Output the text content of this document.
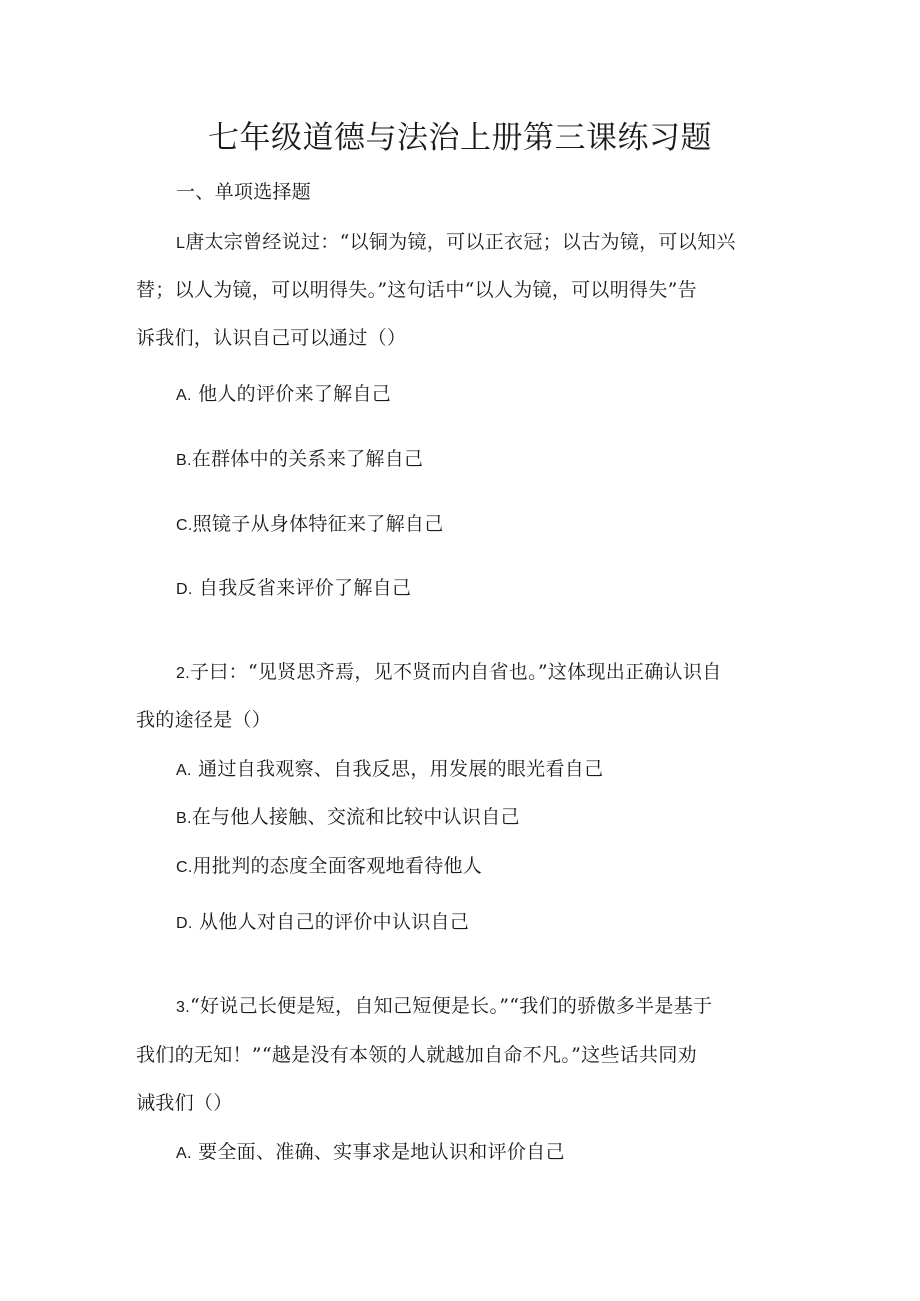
七年级道德与法治上册第三课练习题
一、单项选择题
L唐太宗曾经说过：“以铜为镜，可以正衣冠；以古为镜，可以知兴
替；以人为镜，可以明得失。”这句话中“以人为镜，可以明得失”告
诉我们，认识自己可以通过（）
A. 他人的评价来了解自己
B.在群体中的关系来了解自己
C.照镜子从身体特征来了解自己
D. 自我反省来评价了解自己
2.子曰：“见贤思齐焉，见不贤而内自省也。”这体现出正确认识自
我的途径是（）
A. 通过自我观察、自我反思，用发展的眼光看自己
B.在与他人接触、交流和比较中认识自己
C.用批判的态度全面客观地看待他人
D. 从他人对自己的评价中认识自己
3.“好说己长便是短，自知己短便是长。”“我们的骄傲多半是基于
我们的无知！”“越是没有本领的人就越加自命不凡。”这些话共同劝
诫我们（）
A. 要全面、准确、实事求是地认识和评价自己
